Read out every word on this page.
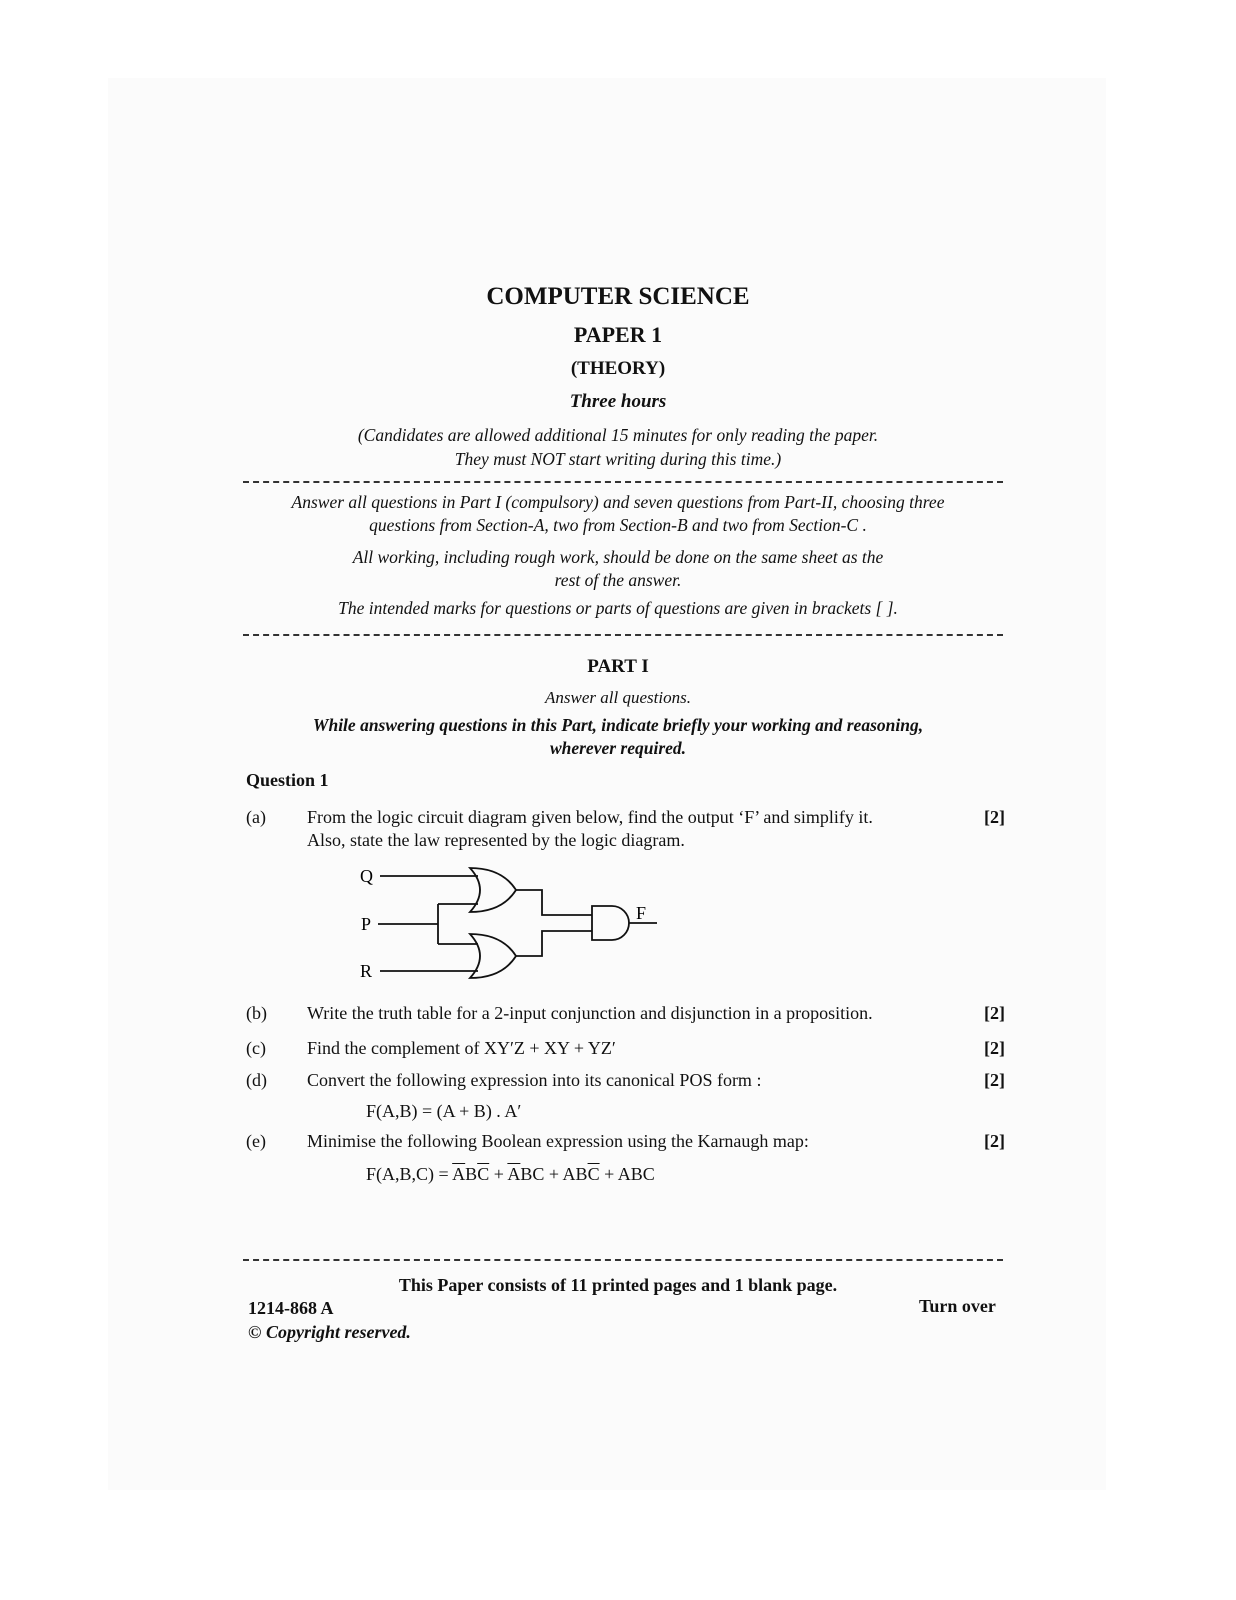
COMPUTER SCIENCE
PAPER 1
(THEORY)
Three hours
(Candidates are allowed additional 15 minutes for only reading the paper.
They must NOT start writing during this time.)
Answer all questions in Part I (compulsory) and seven questions from Part-II, choosing three
questions from Section-A, two from Section-B and two from Section-C .
All working, including rough work, should be done on the same sheet as the
rest of the answer.
The intended marks for questions or parts of questions are given in brackets [ ].
PART I
Answer all questions.
While answering questions in this Part, indicate briefly your working and reasoning,
wherever required.
Question 1
(a) From the logic circuit diagram given below, find the output ‘F’ and simplify it.
Also, state the law represented by the logic diagram.
[2]
Q
P
R
F
(b) Write the truth table for a 2-input conjunction and disjunction in a proposition.	[2]
(c) Find the complement of XY′Z + XY + YZ′	[2]
(d) Convert the following expression into its canonical POS form :	[2]
F(A,B) = (A + B) . A′
(e) Minimise the following Boolean expression using the Karnaugh map:	[2]
$F(A,B,C) = \overline{A}B\overline{C} + \overline{A}BC + AB\overline{C}$ + ABC
This Paper consists of 11 printed pages and 1 blank page.
1214-868 A	Turn over
© Copyright reserved.
